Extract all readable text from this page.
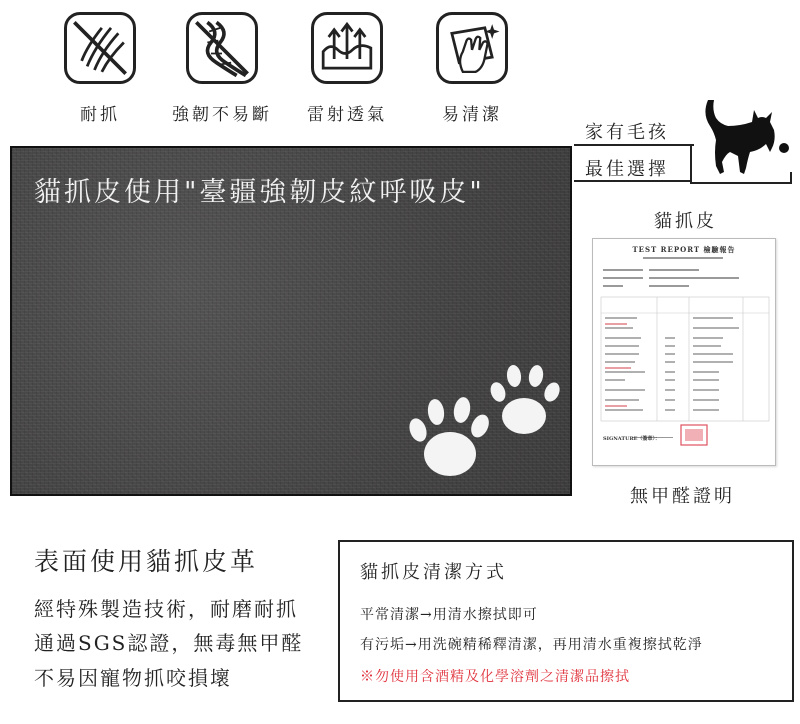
耐抓	強韌不易斷 雷射透氣	易清潔
貓抓皮使用"臺疆強韌皮紋呼吸皮"
家有毛孩
最佳選擇
貓抓皮
TEST REPORT 檢驗報告
SIGNATURE（簽章）：
無甲醛證明
表面使用貓抓皮革
經特殊製造技術，耐磨耐抓
通過SGS認證，無毒無甲醛
不易因寵物抓咬損壞
貓抓皮清潔方式
平常清潔→用清水擦拭即可
有污垢→用洗碗精稀釋清潔，再用清水重複擦拭乾淨
※勿使用含酒精及化學溶劑之清潔品擦拭
